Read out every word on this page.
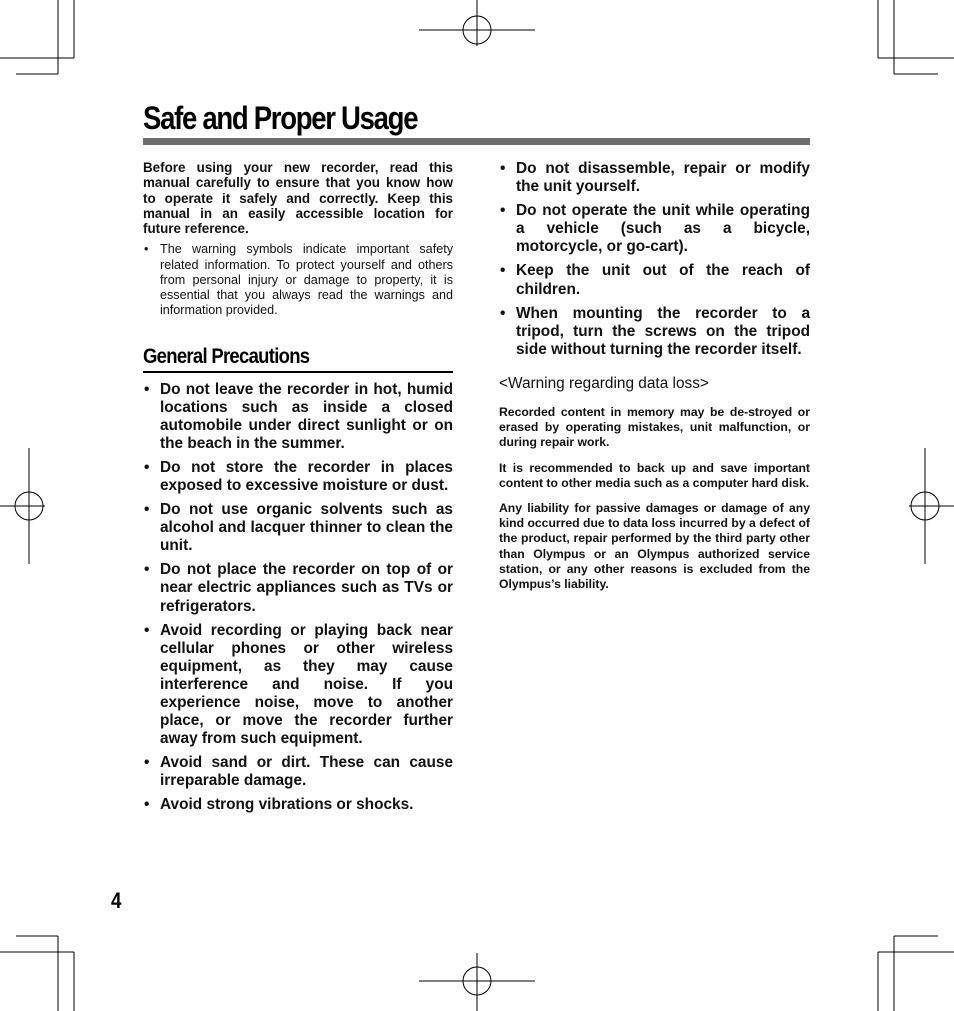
Safe and Proper Usage

Before using your new recorder, read this manual carefully to ensure that you know how to operate it safely and correctly. Keep this manual in an easily accessible location for future reference.

• The warning symbols indicate important safety related information. To protect yourself and others from personal injury or damage to property, it is essential that you always read the warnings and information provided.
General Precautions
• Do not leave the recorder in hot, humid locations such as inside a closed automobile under direct sunlight or on the beach in the summer.
• Do not store the recorder in places exposed to excessive moisture or dust.
• Do not use organic solvents such as alcohol and lacquer thinner to clean the unit.
• Do not place the recorder on top of or near electric appliances such as TVs or refrigerators.
• Avoid recording or playing back near cellular phones or other wireless equipment, as they may cause interference and noise. If you experience noise, move to another place, or move the recorder further away from such equipment.
• Avoid sand or dirt. These can cause irreparable damage.
• Avoid strong vibrations or shocks.
• Do not disassemble, repair or modify the unit yourself.
• Do not operate the unit while operating a vehicle (such as a bicycle, motorcycle, or go-cart).
• Keep the unit out of the reach of children.
• When mounting the recorder to a tripod, turn the screws on the tripod side without turning the recorder itself.
<Warning regarding data loss>

Recorded content in memory may be de-stroyed or erased by operating mistakes, unit malfunction, or during repair work.

It is recommended to back up and save important content to other media such as a computer hard disk.

Any liability for passive damages or damage of any kind occurred due to data loss incurred by a defect of the product, repair performed by the third party other than Olympus or an Olympus authorized service station, or any other reasons is excluded from the Olympus’s liability.

4
